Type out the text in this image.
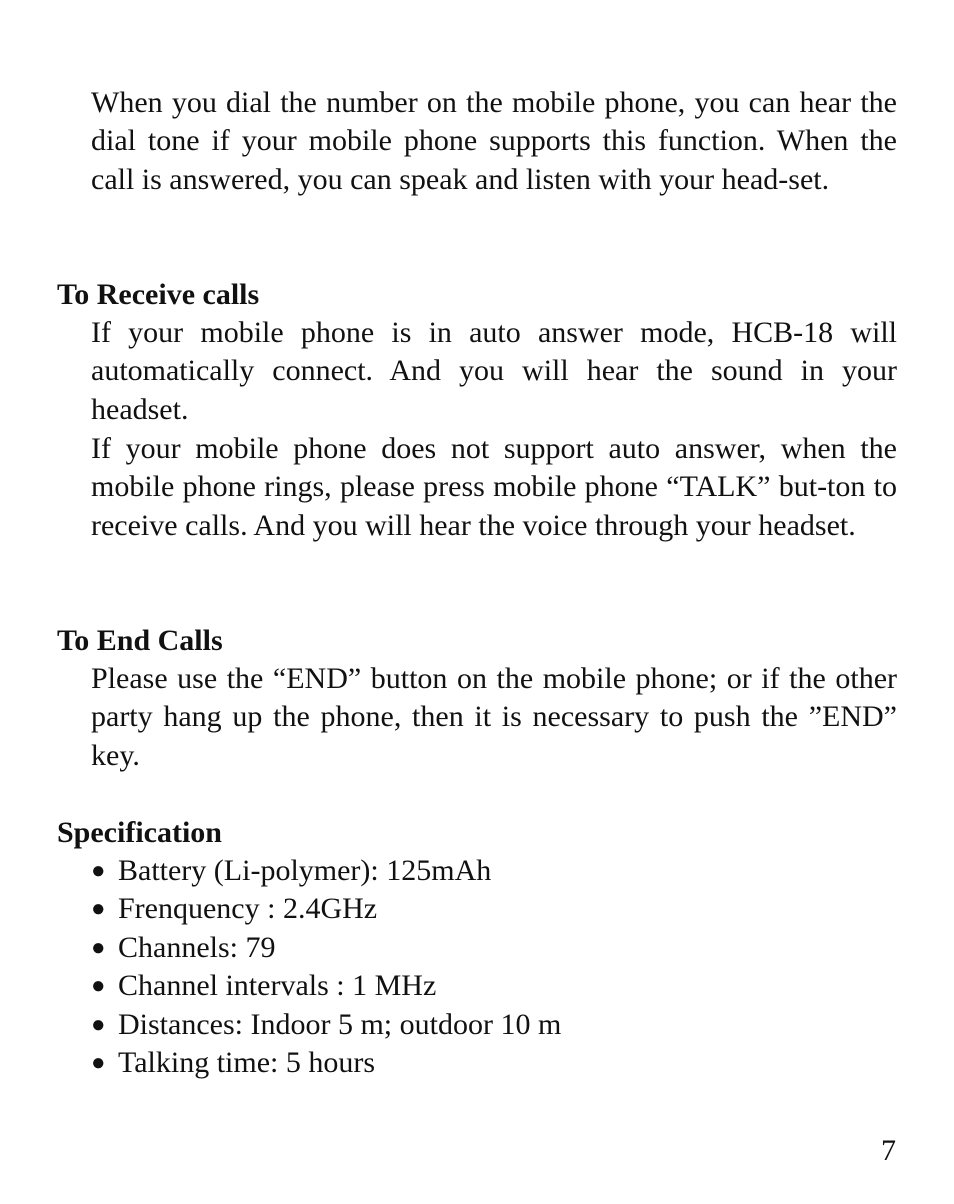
When you dial the number on the mobile phone, you can hear the dial tone if your mobile phone supports this function. When the call is answered, you can speak and listen with your head-set.

To Receive calls

If your mobile phone is in auto answer mode, HCB-18 will automatically connect. And you will hear the sound in your headset.

If your mobile phone does not support auto answer, when the mobile phone rings, please press mobile phone “TALK” but-ton to receive calls. And you will hear the voice through your headset.

To End Calls

Please use the “END” button on the mobile phone; or if the other party hang up the phone, then it is necessary to push the ”END” key.

Specification
● Battery (Li-polymer): 125mAh
● Frenquency : 2.4GHz
● Channels: 79
● Channel intervals : 1 MHz
● Distances: Indoor 5 m; outdoor 10 m
● Talking time: 5 hours

7
